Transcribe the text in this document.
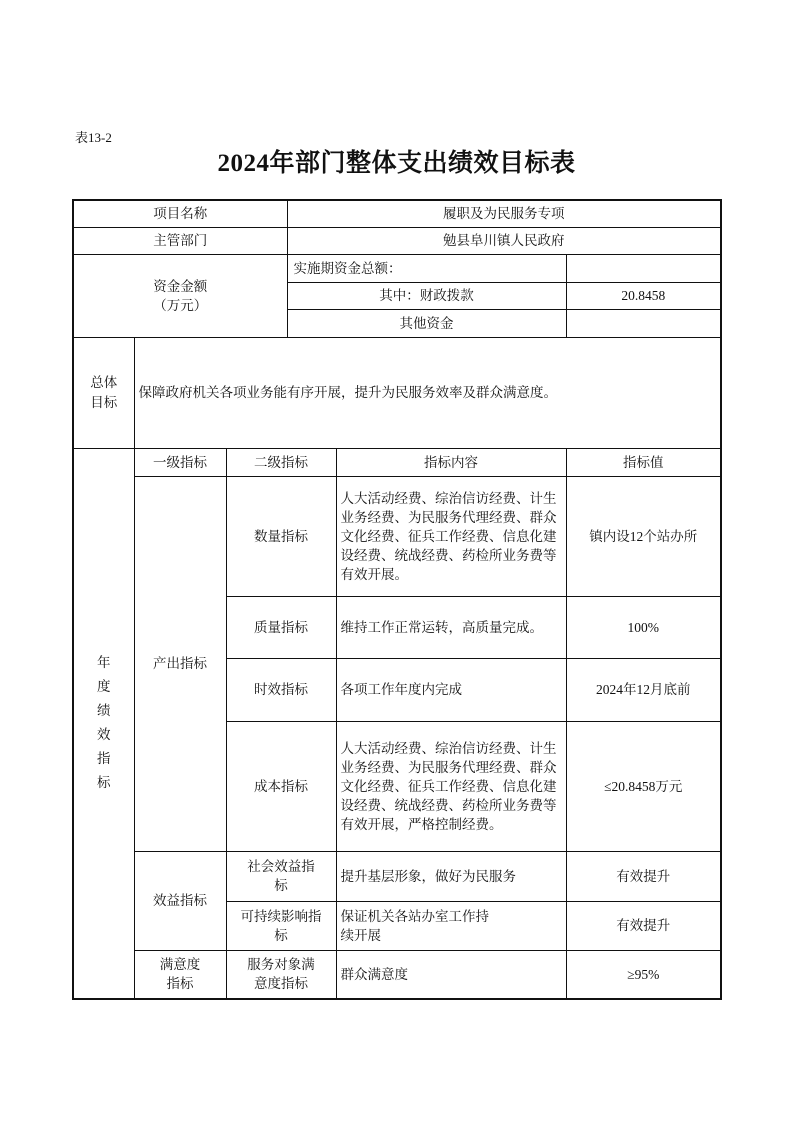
表13-2
2024年部门整体支出绩效目标表
项目名称			履职及为民服务专项		
主管部门			勉县阜川镇人民政府		

资金金额
（万元）			实施期资金总额：		
			其中：财政拨款		20.8458
			其他资金		

总体目标	保障政府机关各项业务能有序开展，提升为民服务效率及群众满意度。				

年度绩效指标	一级指标	二级指标		指标内容	指标值
	产出指标	数量指标		人大活动经费、综治信访经费、计生业务经费、为民服务代理经费、群众文化经费、征兵工作经费、信息化建设经费、统战经费、药检所业务费等有效开展。	镇内设12个站办所
		质量指标		维持工作正常运转，高质量完成。	100%
		时效指标		各项工作年度内完成	2024年12月底前
		成本指标		人大活动经费、综治信访经费、计生业务经费、为民服务代理经费、群众文化经费、征兵工作经费、信息化建设经费、统战经费、药检所业务费等有效开展，严格控制经费。	≤20.8458万元
	效益指标	社会效益指标		提升基层形象，做好为民服务	有效提升

		可持续影响指标		保证机关各站办室工作持续开展	有效提升

	满意度指标	服务对象满意度指标		群众满意度	≥95%
